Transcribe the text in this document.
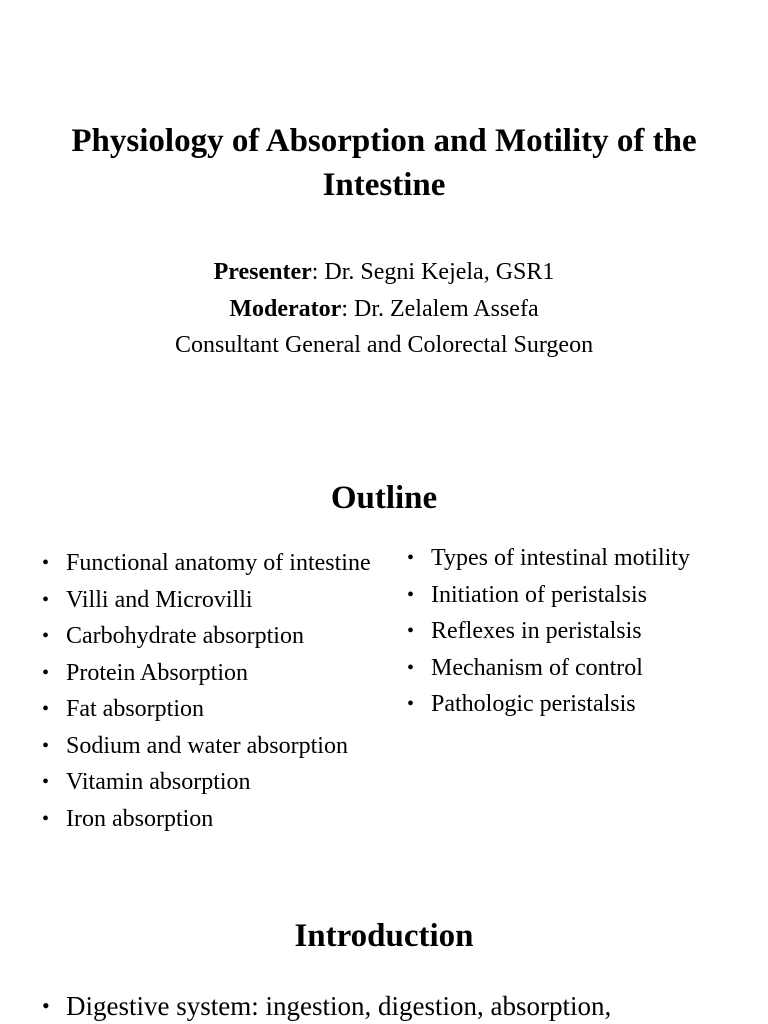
Physiology of Absorption and Motility of the Intestine
Presenter: Dr. Segni Kejela, GSR1
Moderator: Dr. Zelalem Assefa
Consultant General and Colorectal Surgeon
Outline
• Functional anatomy of intestine
• Villi and Microvilli
• Carbohydrate absorption
• Protein Absorption
• Fat absorption
• Sodium and water absorption
• Vitamin absorption
• Iron absorption
• Types of intestinal motility
• Initiation of peristalsis
• Reflexes in peristalsis
• Mechanism of control
• Pathologic peristalsis
Introduction
• Digestive system: ingestion, digestion, absorption,
